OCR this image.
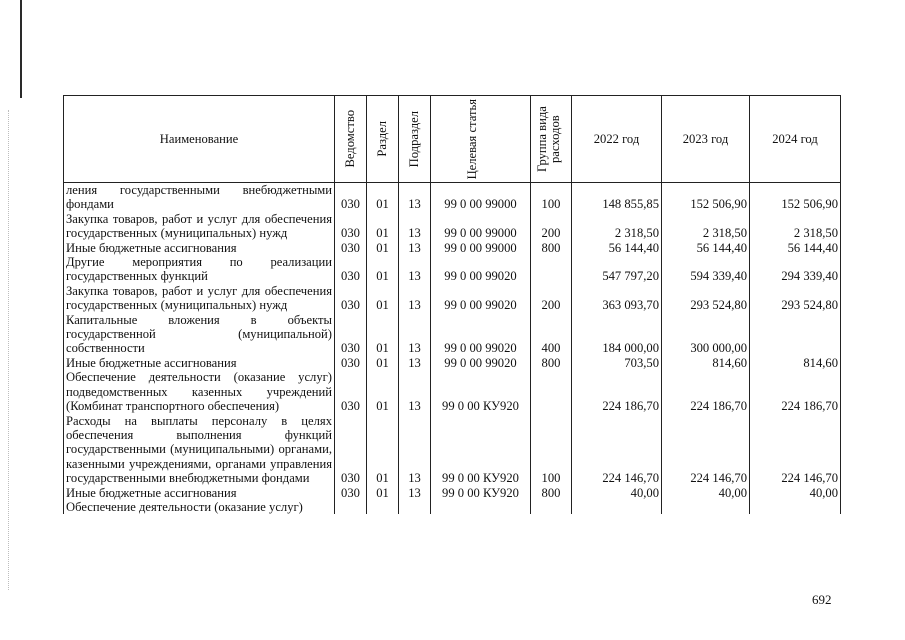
Наименование	Ведомство	Раздел	Подраздел	Целевая статья	Группа вида расходов	2022 год	2023 год	2024 год
ления государственными внебюджетными фондами	030	01	13	99 0 00 99000	100	148 855,85	152 506,90	152 506,90
Закупка товаров, работ и услуг для обеспечения государственных (муниципальных) нужд	030	01	13	99 0 00 99000	200	2 318,50	2 318,50	2 318,50
Иные бюджетные ассигнования	030	01	13	99 0 00 99000	800	56 144,40	56 144,40	56 144,40
Другие мероприятия по реализации государственных функций	030	01	13	99 0 00 99020		547 797,20	594 339,40	294 339,40
Закупка товаров, работ и услуг для обеспечения государственных (муниципальных) нужд	030	01	13	99 0 00 99020	200	363 093,70	293 524,80	293 524,80
Капитальные вложения в объекты государственной (муниципальной) собственности	030	01	13	99 0 00 99020	400	184 000,00	300 000,00	
Иные бюджетные ассигнования	030	01	13	99 0 00 99020	800	703,50	814,60	814,60
Обеспечение деятельности (оказание услуг) подведомственных казенных учреждений (Комбинат транспортного обеспечения)	030	01	13	99 0 00 КУ920		224 186,70	224 186,70	224 186,70
Расходы на выплаты персоналу в целях обеспечения выполнения функций государственными (муниципальными) органами, казенными учреждениями, органами управления государственными внебюджетными фондами	030	01	13	99 0 00 КУ920	100	224 146,70	224 146,70	224 146,70
Иные бюджетные ассигнования	030	01	13	99 0 00 КУ920	800	40,00	40,00	40,00
Обеспечение деятельности (оказание услуг)								
692
